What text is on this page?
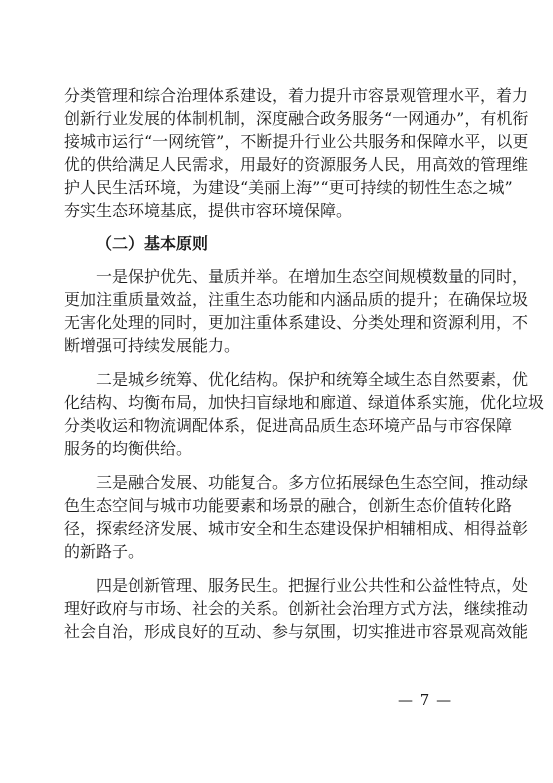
分类管理和综合治理体系建设，着力提升市容景观管理水平，着力
创新行业发展的体制机制，深度融合政务服务“一网通办”，有机衔
接城市运行“一网统管”，不断提升行业公共服务和保障水平，以更
优的供给满足人民需求，用最好的资源服务人民，用高效的管理维
护人民生活环境，为建设“美丽上海”“更可持续的韧性生态之城”
夯实生态环境基底，提供市容环境保障。
（二）基本原则
一是保护优先、量质并举。在增加生态空间规模数量的同时，
更加注重质量效益，注重生态功能和内涵品质的提升；在确保垃圾
无害化处理的同时，更加注重体系建设、分类处理和资源利用，不
断增强可持续发展能力。
二是城乡统筹、优化结构。保护和统筹全域生态自然要素，优
化结构、均衡布局，加快扫盲绿地和廊道、绿道体系实施，优化垃圾
分类收运和物流调配体系，促进高品质生态环境产品与市容保障
服务的均衡供给。
三是融合发展、功能复合。多方位拓展绿色生态空间，推动绿
色生态空间与城市功能要素和场景的融合，创新生态价值转化路
径，探索经济发展、城市安全和生态建设保护相辅相成、相得益彰
的新路子。
四是创新管理、服务民生。把握行业公共性和公益性特点，处
理好政府与市场、社会的关系。创新社会治理方式方法，继续推动
社会自治，形成良好的互动、参与氛围，切实推进市容景观高效能
— 7 —
